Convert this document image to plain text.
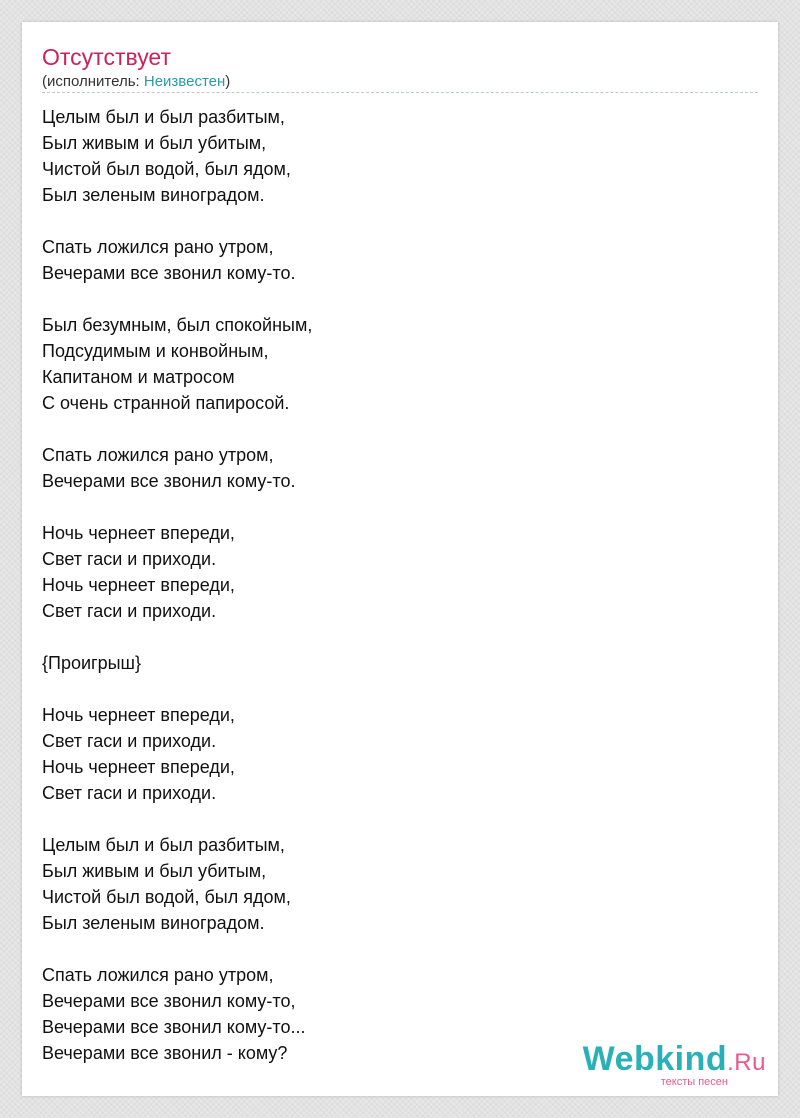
Отсутствует
(исполнитель: Неизвестен)
Целым был и был разбитым,
Был живым и был убитым,
Чистой был водой, был ядом,
Был зеленым виноградом.
Спать ложился рано утром,
Вечерами все звонил кому-то.
Был безумным, был спокойным,
Подсудимым и конвойным,
Капитаном и матросом
С очень странной папиросой.
Спать ложился рано утром,
Вечерами все звонил кому-то.
Ночь чернеет впереди,
Свет гаси и приходи.
Ночь чернеет впереди,
Свет гаси и приходи.
{Проигрыш}
Ночь чернеет впереди,
Свет гаси и приходи.
Ночь чернеет впереди,
Свет гаси и приходи.
Целым был и был разбитым,
Был живым и был убитым,
Чистой был водой, был ядом,
Был зеленым виноградом.
Спать ложился рано утром,
Вечерами все звонил кому-то,
Вечерами все звонил кому-то...
Вечерами все звонил - кому?	Webkind.Ru
тексты песен
